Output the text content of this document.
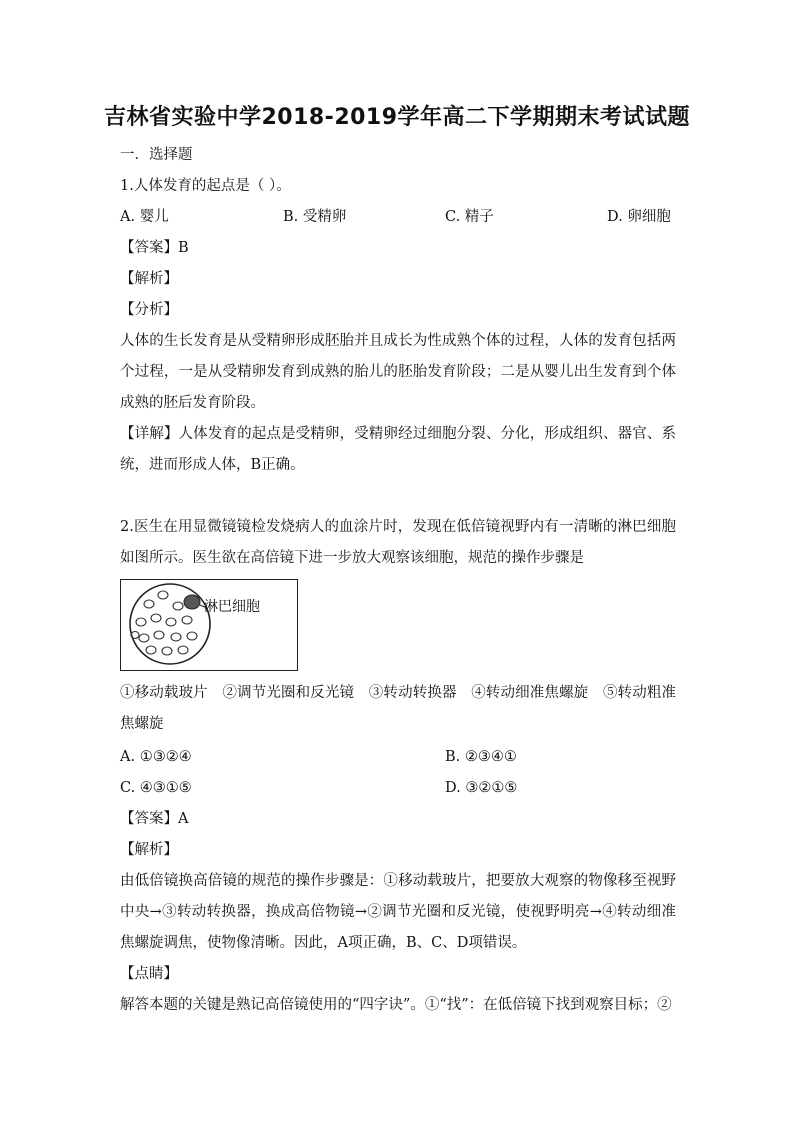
吉林省实验中学2018-2019学年高二下学期期末考试试题
一．选择题
1.人体发育的起点是（ ）。
A. 婴儿	B. 受精卵	C. 精子	D. 卵细胞
【答案】B
【解析】
【分析】
人体的生长发育是从受精卵形成胚胎并且成长为性成熟个体的过程，人体的发育包括两个过程，一是从受精卵发育到成熟的胎儿的胚胎发育阶段；二是从婴儿出生发育到个体成熟的胚后发育阶段。
【详解】人体发育的起点是受精卵，受精卵经过细胞分裂、分化，形成组织、器官、系统，进而形成人体，B正确。
2.医生在用显微镜镜检发烧病人的血涂片时，发现在低倍镜视野内有一清晰的淋巴细胞如图所示。医生欲在高倍镜下进一步放大观察该细胞，规范的操作步骤是
淋巴细胞
①移动载玻片　②调节光圈和反光镜　③转动转换器　④转动细准焦螺旋　⑤转动粗准焦螺旋
A. ①③②④	B. ②③④①
C. ④③①⑤	D. ③②①⑤
【答案】A
【解析】
由低倍镜换高倍镜的规范的操作步骤是：①移动载玻片，把要放大观察的物像移至视野中央→③转动转换器，换成高倍物镜→②调节光圈和反光镜，使视野明亮→④转动细准焦螺旋调焦，使物像清晰。因此，A项正确，B、C、D项错误。
【点睛】
解答本题的关键是熟记高倍镜使用的“四字诀”。①“找”：在低倍镜下找到观察目标；②
